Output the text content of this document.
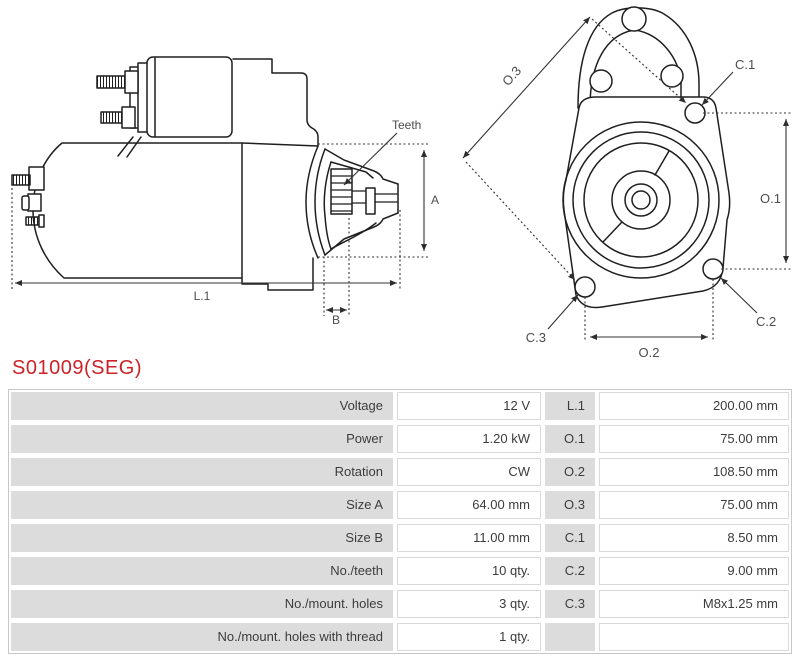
Teeth
A
L.1
B
O.3	C.1
O.1
C.2
C.3
O.2
S01009(SEG)
Voltage	12 V	L.1	200.00 mm
Power	1.20 kW	O.1	75.00 mm
Rotation	CW	O.2	108.50 mm
Size A	64.00 mm	O.3	75.00 mm
Size B	11.00 mm	C.1	8.50 mm
No./teeth	10 qty.	C.2	9.00 mm
No./mount. holes	3 qty.	C.3	M8x1.25 mm
No./mount. holes with thread	1 qty.
